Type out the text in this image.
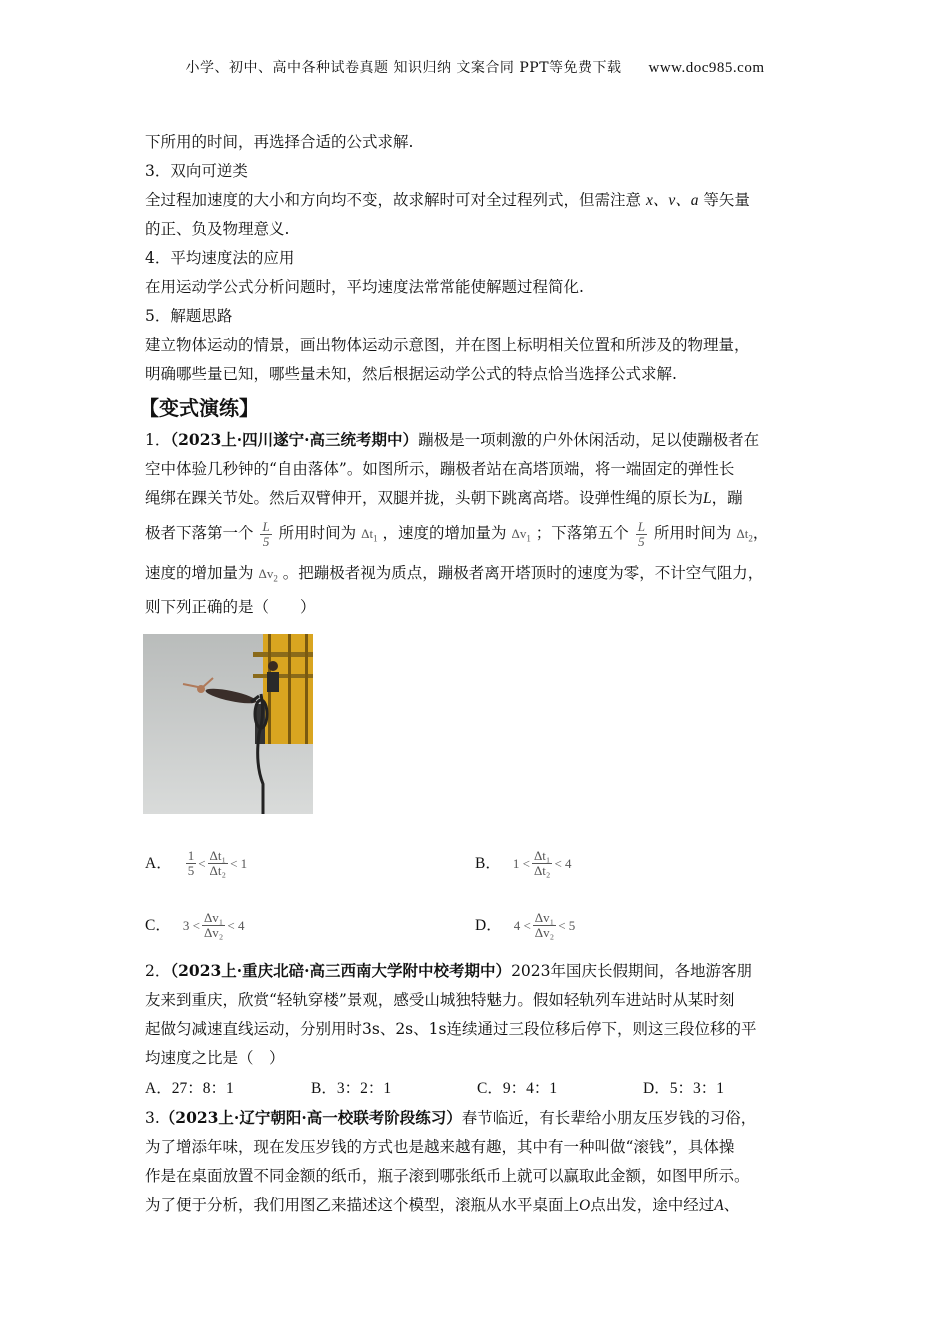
小学、初中、高中各种试卷真题 知识归纳 文案合同 PPT等免费下载 www.doc985.com

下所用的时间，再选择合适的公式求解.

3．双向可逆类

全过程加速度的大小和方向均不变，故求解时可对全过程列式，但需注意 x、v、a 等矢量

的正、负及物理意义.

4．平均速度法的应用

在用运动学公式分析问题时，平均速度法常常能使解题过程简化.

5．解题思路

建立物体运动的情景，画出物体运动示意图，并在图上标明相关位置和所涉及的物理量，

明确哪些量已知，哪些量未知，然后根据运动学公式的特点恰当选择公式求解.

【变式演练】

1．（2023上·四川遂宁·高三统考期中）蹦极是一项刺激的户外休闲活动，足以使蹦极者在

空中体验几秒钟的“自由落体”。如图所示，蹦极者站在高塔顶端，将一端固定的弹性长

绳绑在踝关节处。然后双臂伸开，双腿并拢，头朝下跳离高塔。设弹性绳的原长为L，蹦

极者下落第一个 $\frac{L}{5}$ 所用时间为 $\Delta t_1$ ，速度的增加量为 $\Delta v_1$ ；下落第五个 $\frac{L}{5}$ 所用时间为 $\Delta t_2$，

速度的增加量为 $\Delta v_2$ 。把蹦极者视为质点，蹦极者离开塔顶时的速度为零，不计空气阻力，

则下列正确的是（　　）

A． $\frac{1}{5} < \frac{\text{Δt₁}}{\text{Δt₂}}$ <
1	B． 1
< $\frac{\text{Δt₁}}{\text{Δt₂}}$ <
4
C． 3
< $\frac{\text{Δv₁}}{\text{Δv₂}}$ <
4	D． 4
< $\frac{\text{Δv₁}}{\text{Δv₂}}$ <
5

2．（2023上·重庆北碚·高三西南大学附中校考期中）2023年国庆长假期间，各地游客朋

友来到重庆，欣赏“轻轨穿楼”景观，感受山城独特魅力。假如轻轨列车进站时从某时刻

起做匀减速直线运动，分别用时3s、2s、1s连续通过三段位移后停下，则这三段位移的平

均速度之比是（　）

A．27：8：1	B．3：2：1	C．9：4：1	D．5：3：1

3.（2023上·辽宁朝阳·高一校联考阶段练习）春节临近，有长辈给小朋友压岁钱的习俗，

为了增添年味，现在发压岁钱的方式也是越来越有趣，其中有一种叫做“滚钱”，具体操

作是在桌面放置不同金额的纸币，瓶子滚到哪张纸币上就可以赢取此金额，如图甲所示。

为了便于分析，我们用图乙来描述这个模型，滚瓶从水平桌面上O点出发，途中经过A、
